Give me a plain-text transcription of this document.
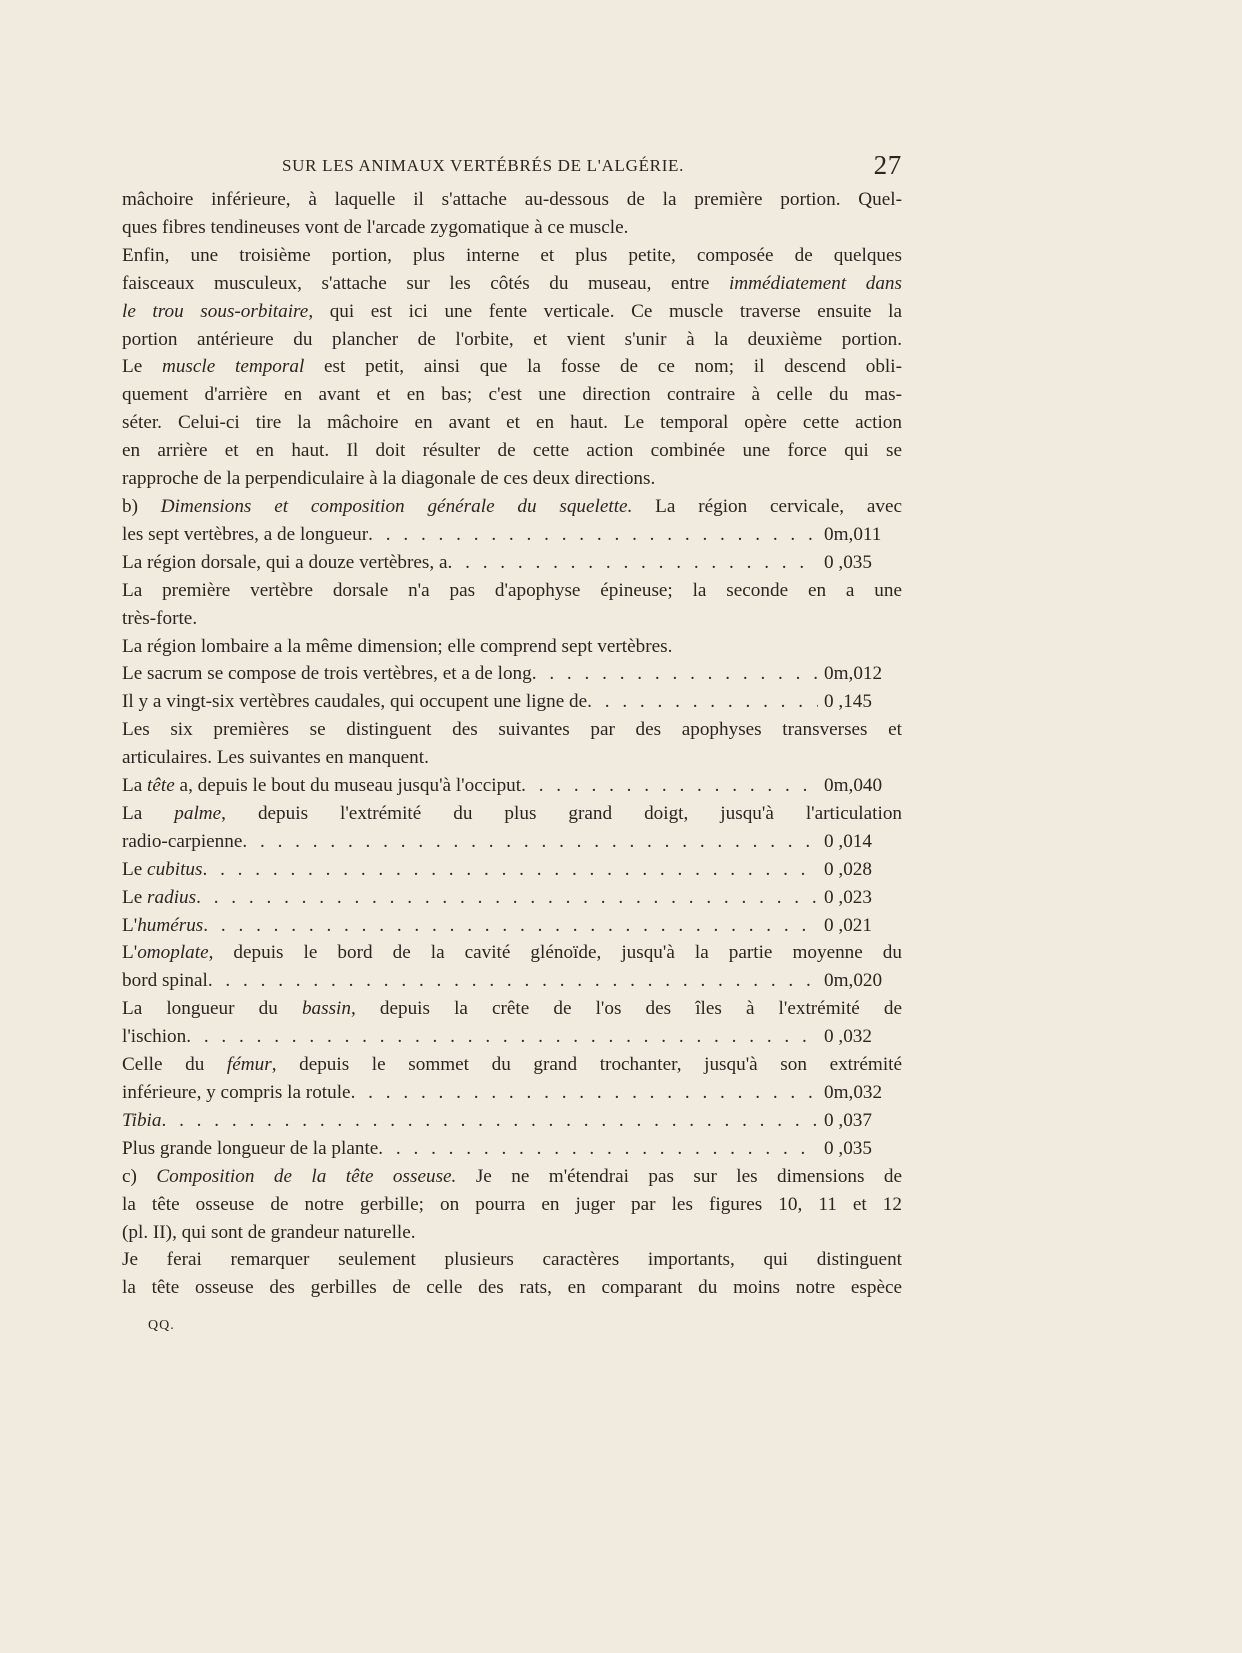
SUR LES ANIMAUX VERTÉBRÉS DE L'ALGÉRIE.	27
mâchoire inférieure, à laquelle il s'attache au-dessous de la première portion. Quel-
ques fibres tendineuses vont de l'arcade zygomatique à ce muscle.
Enfin, une troisième portion, plus interne et plus petite, composée de quelques
faisceaux musculeux, s'attache sur les côtés du museau, entre immédiatement dans
le trou sous-orbitaire, qui est ici une fente verticale. Ce muscle traverse ensuite la
portion antérieure du plancher de l'orbite, et vient s'unir à la deuxième portion.
Le muscle temporal est petit, ainsi que la fosse de ce nom; il descend obli-
quement d'arrière en avant et en bas; c'est une direction contraire à celle du mas-
séter. Celui-ci tire la mâchoire en avant et en haut. Le temporal opère cette action
en arrière et en haut. Il doit résulter de cette action combinée une force qui se
rapproche de la perpendiculaire à la diagonale de ces deux directions.
b) Dimensions et composition générale du squelette. La région cervicale, avec
les sept vertèbres, a de longueur . . .	0m,011
La région dorsale, qui a douze vertèbres, a . . .	0 ,035
La première vertèbre dorsale n'a pas d'apophyse épineuse; la seconde en a une
très-forte.
La région lombaire a la même dimension; elle comprend sept vertèbres.
Le sacrum se compose de trois vertèbres, et a de long . . .	0m,012
Il y a vingt-six vertèbres caudales, qui occupent une ligne de . . .	0 ,145
Les six premières se distinguent des suivantes par des apophyses transverses et
articulaires. Les suivantes en manquent.
La tête a, depuis le bout du museau jusqu'à l'occiput . . .	0m,040
La palme, depuis l'extrémité du plus grand doigt, jusqu'à l'articulation
radio-carpienne . . .	0 ,014
Le cubitus . . .	0 ,028
Le radius . . .	0 ,023
L'humérus . . .	0 ,021
L'omoplate, depuis le bord de la cavité glénoïde, jusqu'à la partie moyenne du
bord spinal . . .	0m,020
La longueur du bassin, depuis la crête de l'os des îles à l'extrémité de
l'ischion . . .	0 ,032
Celle du fémur, depuis le sommet du grand trochanter, jusqu'à son extrémité
inférieure, y compris la rotule . . .	0m,032
Tibia . . .	0 ,037
Plus grande longueur de la plante . . .	0 ,035
c) Composition de la tête osseuse. Je ne m'étendrai pas sur les dimensions de
la tête osseuse de notre gerbille; on pourra en juger par les figures 10, 11 et 12
(pl. II), qui sont de grandeur naturelle.
Je ferai remarquer seulement plusieurs caractères importants, qui distinguent
la tête osseuse des gerbilles de celle des rats, en comparant du moins notre espèce
QQ.
